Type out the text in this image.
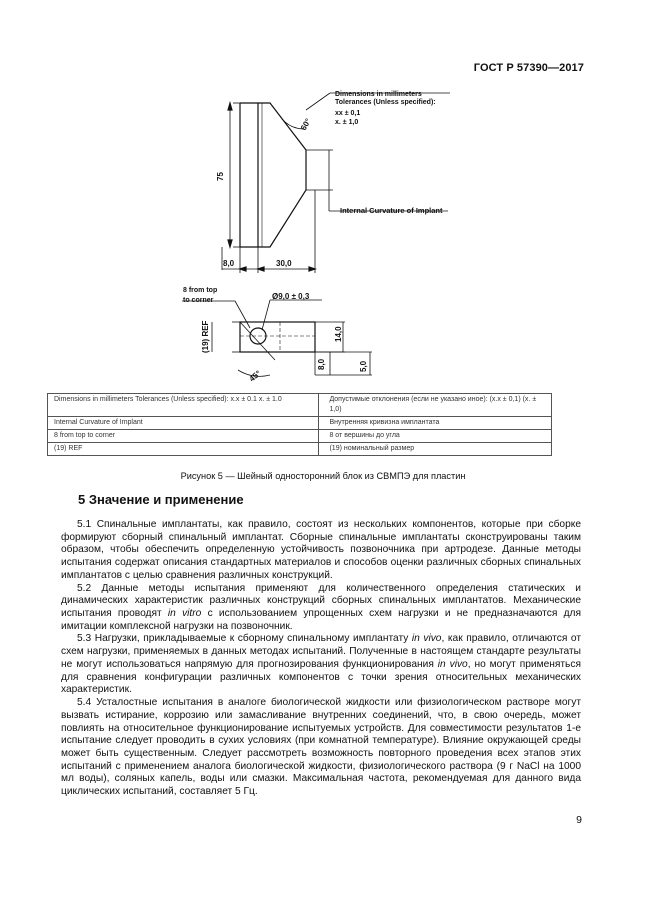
ГОСТ Р 57390—2017
Dimensions in millimeters
Tolerances (Unless specified):
xx ± 0,1
x. ± 1,0
60°
75
Internal Curvature of Implant
8,0	30,0
8 from top
to corner	Ø9,0 ± 0,3
(19) REF	14,0
8,0	5,0
45°
Dimensions in millimeters Tolerances (Unless specified): x.x ± 0.1 x. ± 1.0	Допустимые отклонения (если не указано иное): (x.x ± 0,1) (x. ± 1,0)
Internal Curvature of Implant	Внутренняя кривизна имплантата
8 from top to corner	8 от вершины до угла
(19) REF	(19) номинальный размер
Рисунок 5 — Шейный односторонний блок из СВМПЭ для пластин
5 Значение и применение

5.1 Спинальные имплантаты, как правило, состоят из нескольких компонентов, которые при сборке формируют сборный спинальный имплантат. Сборные спинальные имплантаты сконструированы таким образом, чтобы обеспечить определенную устойчивость позвоночника при артродезе. Данные методы испытания содержат описания стандартных материалов и способов оценки различных сборных спинальных имплантатов с целью сравнения различных конструкций.

5.2 Данные методы испытания применяют для количественного определения статических и динамических характеристик различных конструкций сборных спинальных имплантатов. Механические испытания проводят in vitro с использованием упрощенных схем нагрузки и не предназначаются для имитации комплексной нагрузки на позвоночник.

5.3 Нагрузки, прикладываемые к сборному спинальному имплантату in vivo, как правило, отличаются от схем нагрузки, применяемых в данных методах испытаний. Полученные в настоящем стандарте результаты не могут использоваться напрямую для прогнозирования функционирования in vivo, но могут применяться для сравнения конфигурации различных компонентов с точки зрения относительных механических характеристик.

5.4 Усталостные испытания в аналоге биологической жидкости или физиологическом растворе могут вызвать истирание, коррозию или замасливание внутренних соединений, что, в свою очередь, может повлиять на относительное функционирование испытуемых устройств. Для совместимости результатов 1-е испытание следует проводить в сухих условиях (при комнатной температуре). Влияние окружающей среды может быть существенным. Следует рассмотреть возможность повторного проведения всех этапов этих испытаний с применением аналога биологической жидкости, физиологического раствора (9 г NaCl на 1000 мл воды), соляных капель, воды или смазки. Максимальная частота, рекомендуемая для данного вида циклических испытаний, составляет 5 Гц.

9
